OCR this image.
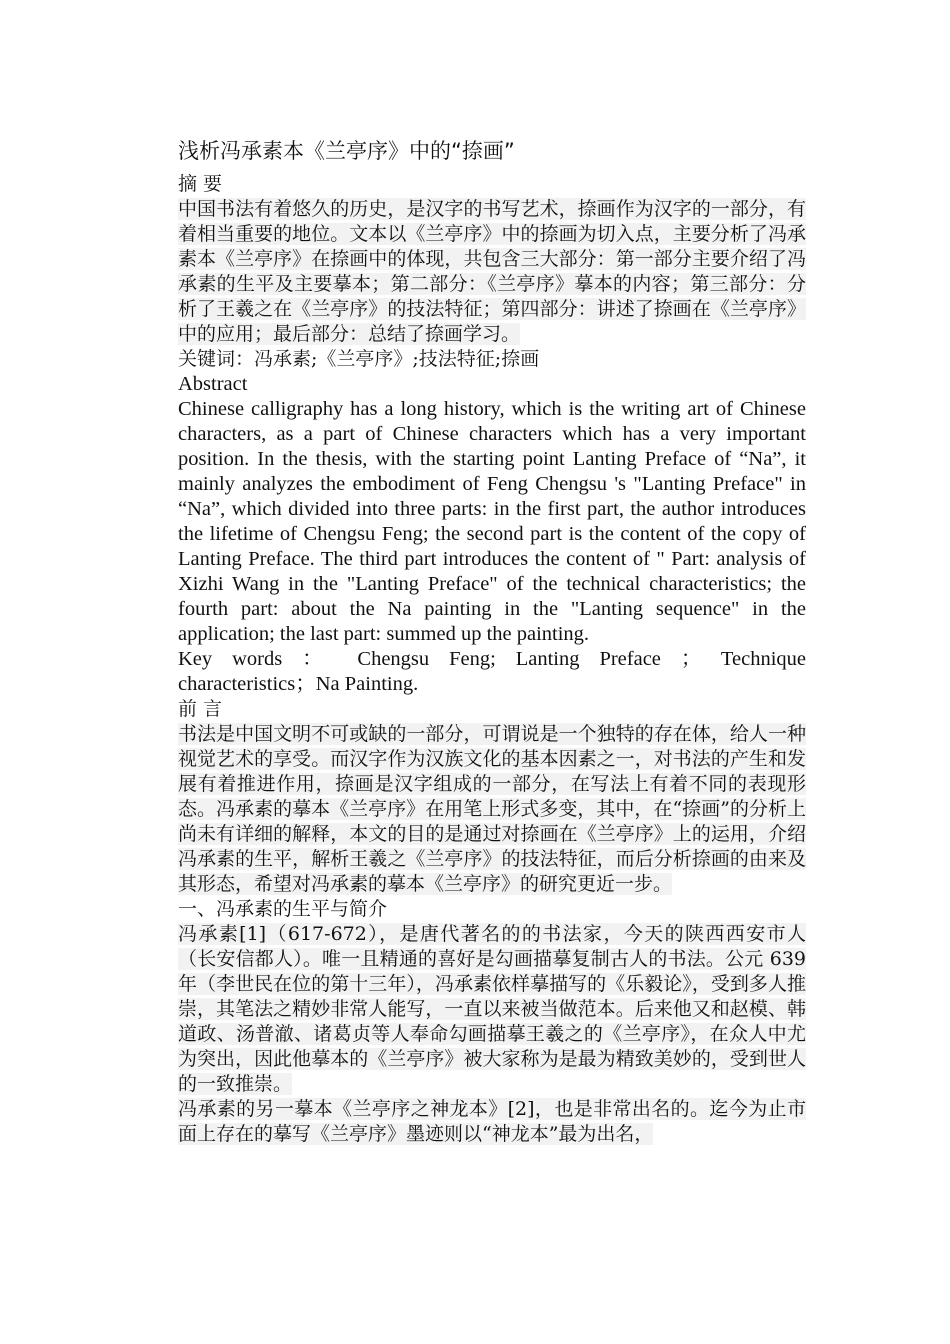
浅析冯承素本《兰亭序》中的“捺画”
摘 要

中国书法有着悠久的历史，是汉字的书写艺术，捺画作为汉字的一部分，有着相当重要的地位。文本以《兰亭序》中的捺画为切入点，主要分析了冯承素本《兰亭序》在捺画中的体现，共包含三大部分：第一部分主要介绍了冯承素的生平及主要摹本；第二部分：《兰亭序》摹本的内容；第三部分：分析了王羲之在《兰亭序》的技法特征；第四部分：讲述了捺画在《兰亭序》中的应用；最后部分：总结了捺画学习。

关键词：冯承素;《兰亭序》;技法特征;捺画

Abstract

Chinese calligraphy has a long history, which is the writing art of Chinese characters, as a part of Chinese characters which has a very important position. In the thesis, with the starting point Lanting Preface of “Na”, it mainly analyzes the embodiment of Feng Chengsu 's "Lanting Preface" in “Na”, which divided into three parts: in the first part, the author introduces the lifetime of Chengsu Feng; the second part is the content of the copy of Lanting Preface. The third part introduces the content of " Part: analysis of Xizhi Wang in the "Lanting Preface" of the technical characteristics; the fourth part: about the Na painting in the "Lanting sequence" in the application; the last part: summed up the painting.

Key words ： Chengsu Feng; Lanting Preface ； Technique characteristics；Na Painting.

前 言

书法是中国文明不可或缺的一部分，可谓说是一个独特的存在体，给人一种视觉艺术的享受。而汉字作为汉族文化的基本因素之一，对书法的产生和发展有着推进作用，捺画是汉字组成的一部分，在写法上有着不同的表现形态。冯承素的摹本《兰亭序》在用笔上形式多变，其中，在“捺画”的分析上尚未有详细的解释，本文的目的是通过对捺画在《兰亭序》上的运用，介绍冯承素的生平，解析王羲之《兰亭序》的技法特征，而后分析捺画的由来及其形态，希望对冯承素的摹本《兰亭序》的研究更近一步。

一、冯承素的生平与简介

冯承素[1]（617-672），是唐代著名的的书法家，今天的陕西西安市人（长安信都人）。唯一且精通的喜好是勾画描摹复制古人的书法。公元 639 年（李世民在位的第十三年），冯承素依样摹描写的《乐毅论》，受到多人推崇，其笔法之精妙非常人能写，一直以来被当做范本。后来他又和赵模、韩道政、汤普澈、诸葛贞等人奉命勾画描摹王羲之的《兰亭序》，在众人中尤为突出，因此他摹本的《兰亭序》被大家称为是最为精致美妙的，受到世人的一致推崇。

冯承素的另一摹本《兰亭序之神龙本》[2]，也是非常出名的。迄今为止市面上存在的摹写《兰亭序》墨迹则以“神龙本”最为出名，
